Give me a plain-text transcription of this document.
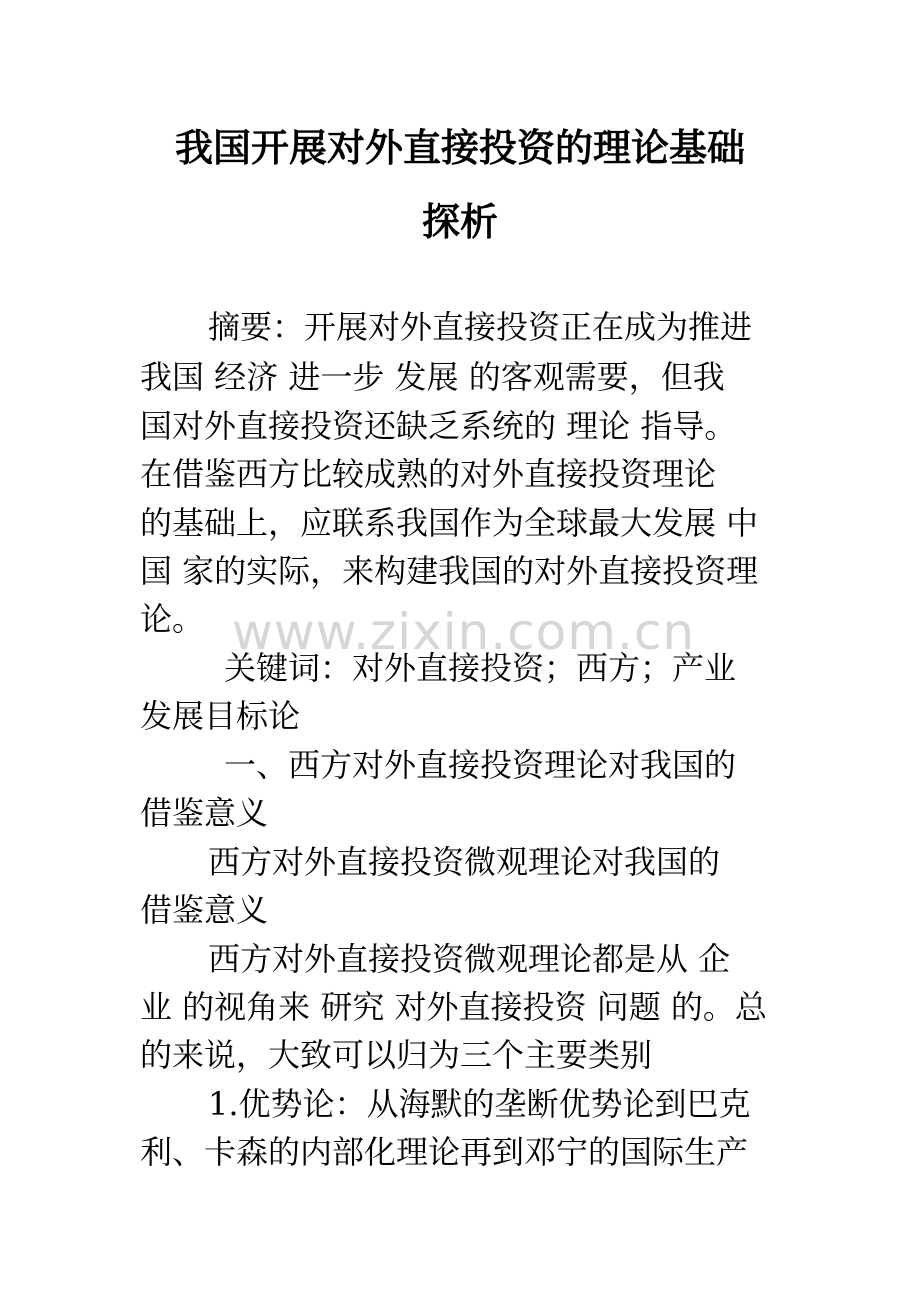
我国开展对外直接投资的理论基础
探析
www.zixin.com.cn
摘要：开展对外直接投资正在成为推进
我国 经济 进一步 发展 的客观需要，但我
国对外直接投资还缺乏系统的 理论 指导。
在借鉴西方比较成熟的对外直接投资理论
的基础上，应联系我国作为全球最大发展 中
国 家的实际，来构建我国的对外直接投资理
论。
关键词：对外直接投资；西方；产业
发展目标论
一、西方对外直接投资理论对我国的
借鉴意义
西方对外直接投资微观理论对我国的
借鉴意义
西方对外直接投资微观理论都是从 企
业 的视角来 研究 对外直接投资 问题 的。总
的来说，大致可以归为三个主要类别
1.优势论：从海默的垄断优势论到巴克
利、卡森的内部化理论再到邓宁的国际生产
